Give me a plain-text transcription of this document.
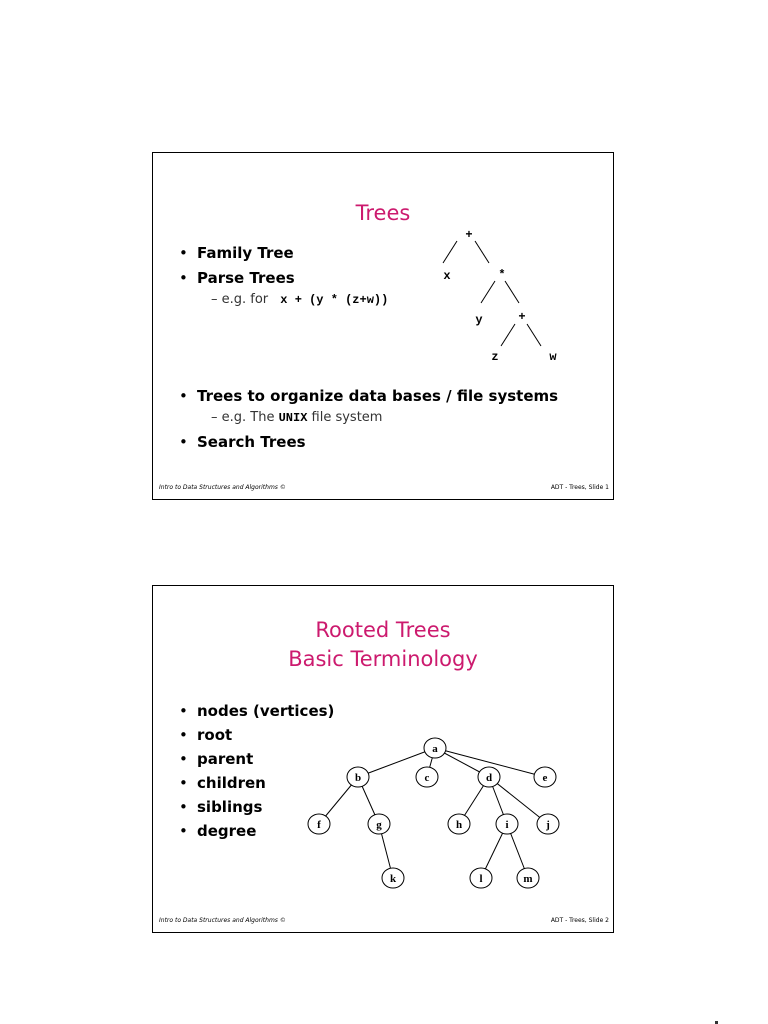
Trees
• Family Tree
• Parse Trees
– e.g. for x + (y * (z+w))
+
x	*
y	+
z	w
• Trees to organize data bases / file systems
– e.g. The UNIX file system
• Search Trees
Intro to Data Structures and Algorithms ©	ADT - Trees, Slide 1
Rooted Trees
Basic Terminology
• nodes (vertices)
• root
• parent
• children
• siblings
• degree
a
b	c	d	e
f	g	h	i	j
k	l	m
Intro to Data Structures and Algorithms ©	ADT - Trees, Slide 2
